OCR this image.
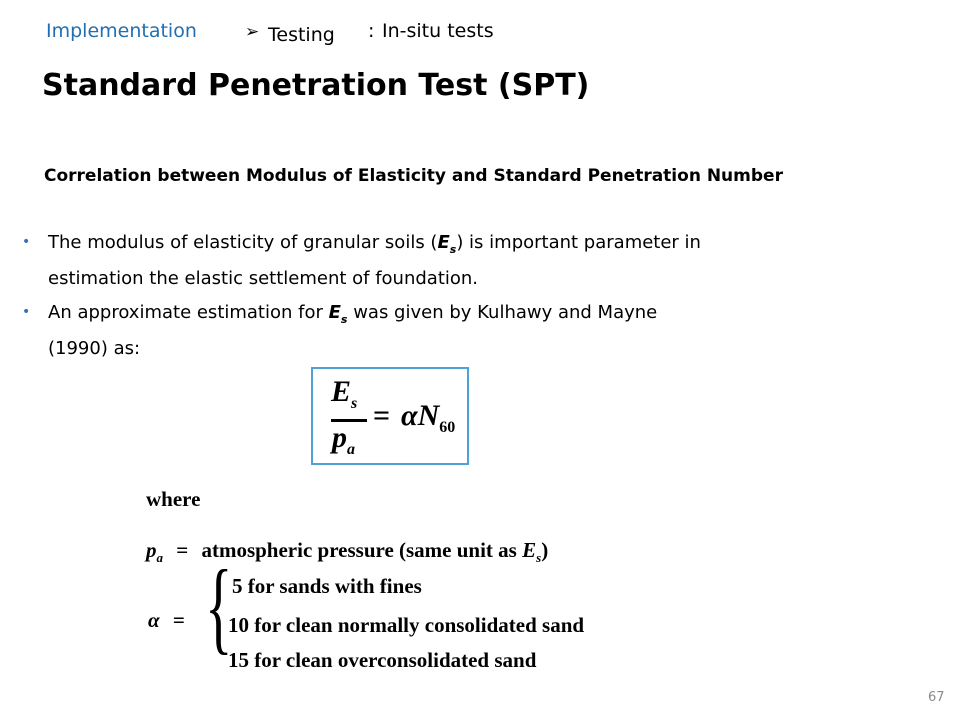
Implementation	➢ Testing : In-situ tests
Standard Penetration Test (SPT)
Correlation between Modulus of Elasticity and Standard Penetration Number
• The modulus of elasticity of granular soils $(E_s)$ is important parameter in
estimation the elastic settlement of foundation.
• An approximate estimation for $E_s$ was given by Kulhawy and Mayne
(1990) as:
$E_s$
$p_a$
= $\alpha N_{60}$
where
$p_a$ = atmospheric pressure (same unit as $E_s$)
α = { 5 for sands with fines
10 for clean normally consolidated sand
15 for clean overconsolidated sand
67
